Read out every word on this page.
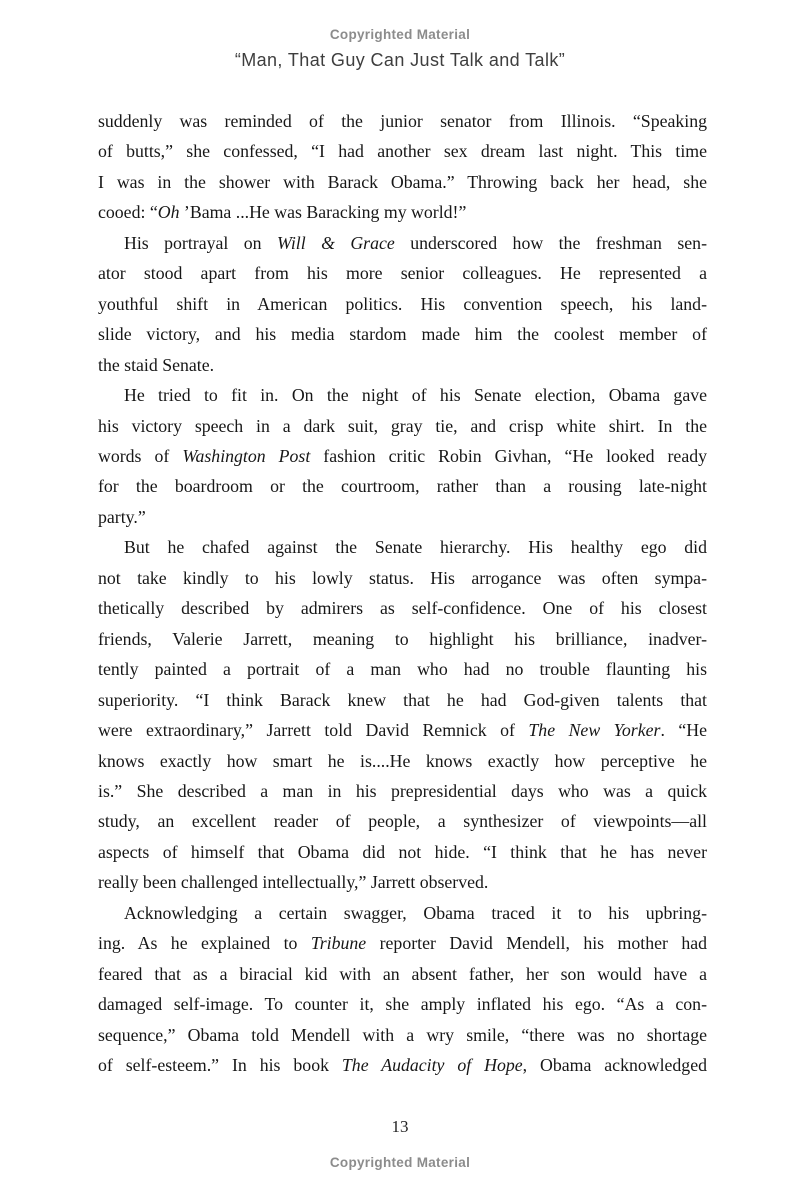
Copyrighted Material
“Man, That Guy Can Just Talk and Talk”
suddenly was reminded of the junior senator from Illinois. “Speaking
of butts,” she confessed, “I had another sex dream last night. This time
I was in the shower with Barack Obama.” Throwing back her head, she
cooed: “Oh ’Bama ...He was Baracking my world!”
His portrayal on Will & Grace underscored how the freshman sen-
ator stood apart from his more senior colleagues. He represented a
youthful shift in American politics. His convention speech, his land-
slide victory, and his media stardom made him the coolest member of
the staid Senate.
He tried to fit in. On the night of his Senate election, Obama gave
his victory speech in a dark suit, gray tie, and crisp white shirt. In the
words of Washington Post fashion critic Robin Givhan, “He looked ready
for the boardroom or the courtroom, rather than a rousing late-night
party.”
But he chafed against the Senate hierarchy. His healthy ego did
not take kindly to his lowly status. His arrogance was often sympa-
thetically described by admirers as self-confidence. One of his closest
friends, Valerie Jarrett, meaning to highlight his brilliance, inadver-
tently painted a portrait of a man who had no trouble flaunting his
superiority. “I think Barack knew that he had God-given talents that
were extraordinary,” Jarrett told David Remnick of The New Yorker. “He
knows exactly how smart he is....He knows exactly how perceptive he
is.” She described a man in his prepresidential days who was a quick
study, an excellent reader of people, a synthesizer of viewpoints—all
aspects of himself that Obama did not hide. “I think that he has never
really been challenged intellectually,” Jarrett observed.
Acknowledging a certain swagger, Obama traced it to his upbring-
ing. As he explained to Tribune reporter David Mendell, his mother had
feared that as a biracial kid with an absent father, her son would have a
damaged self-image. To counter it, she amply inflated his ego. “As a con-
sequence,” Obama told Mendell with a wry smile, “there was no shortage
of self-esteem.” In his book The Audacity of Hope, Obama acknowledged
13
Copyrighted Material
